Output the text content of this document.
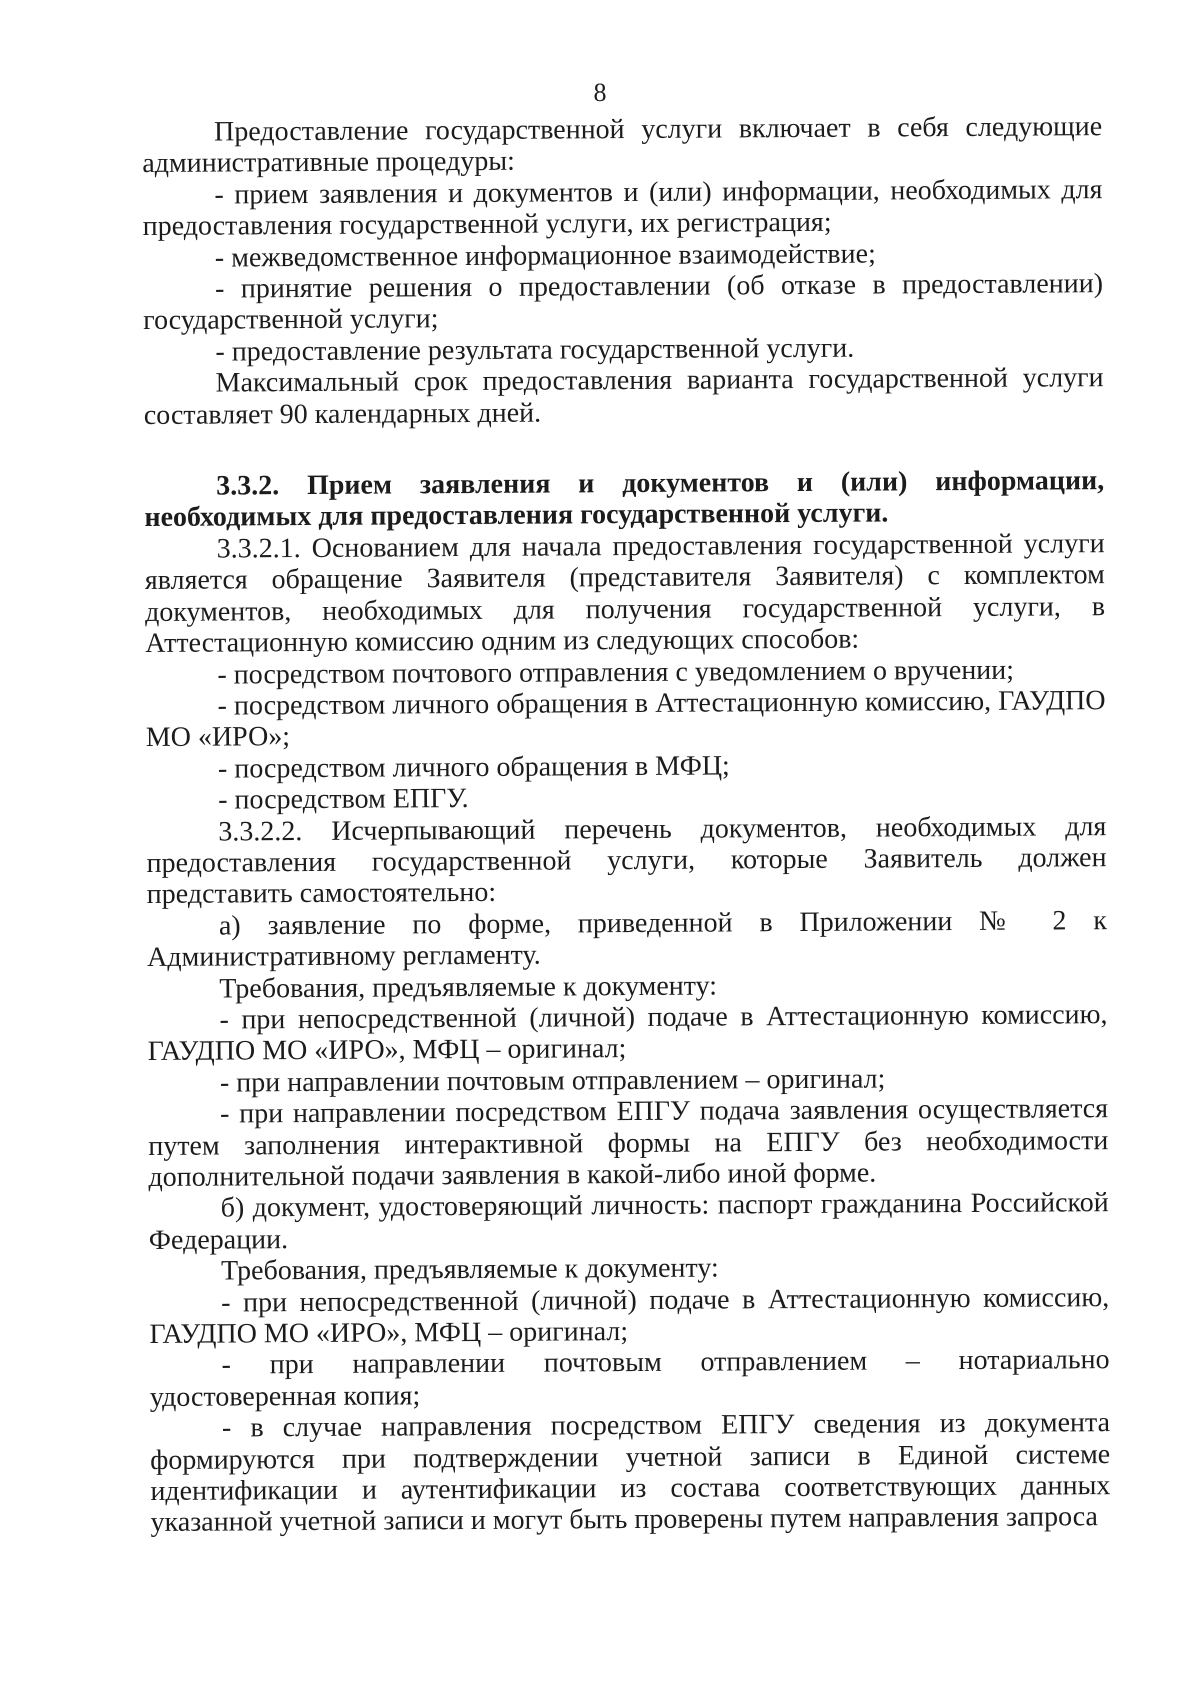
8

Предоставление государственной услуги включает в себя следующие административные процедуры:

- прием заявления и документов и (или) информации, необходимых для предоставления государственной услуги, их регистрация;

- межведомственное информационное взаимодействие;

- принятие решения о предоставлении (об отказе в предоставлении) государственной услуги;

- предоставление результата государственной услуги.

Максимальный срок предоставления варианта государственной услуги составляет 90 календарных дней.

3.3.2. Прием заявления и документов и (или) информации, необходимых для предоставления государственной услуги.

3.3.2.1. Основанием для начала предоставления государственной услуги является обращение Заявителя (представителя Заявителя) с комплектом документов, необходимых для получения государственной услуги, в Аттестационную комиссию одним из следующих способов:

- посредством почтового отправления с уведомлением о вручении;

- посредством личного обращения в Аттестационную комиссию, ГАУДПО МО «ИРО»;

- посредством личного обращения в МФЦ;

- посредством ЕПГУ.

3.3.2.2. Исчерпывающий перечень документов, необходимых для предоставления государственной услуги, которые Заявитель должен представить самостоятельно:

а) заявление по форме, приведенной в Приложении № 2 к Административному регламенту.

Требования, предъявляемые к документу:

- при непосредственной (личной) подаче в Аттестационную комиссию, ГАУДПО МО «ИРО», МФЦ – оригинал;

- при направлении почтовым отправлением – оригинал;

- при направлении посредством ЕПГУ подача заявления осуществляется путем заполнения интерактивной формы на ЕПГУ без необходимости дополнительной подачи заявления в какой-либо иной форме.

б) документ, удостоверяющий личность: паспорт гражданина Российской Федерации.

Требования, предъявляемые к документу:

- при непосредственной (личной) подаче в Аттестационную комиссию, ГАУДПО МО «ИРО», МФЦ – оригинал;

- при направлении почтовым отправлением – нотариально удостоверенная копия;

- в случае направления посредством ЕПГУ сведения из документа формируются при подтверждении учетной записи в Единой системе идентификации и аутентификации из состава соответствующих данных указанной учетной записи и могут быть проверены путем направления запроса
